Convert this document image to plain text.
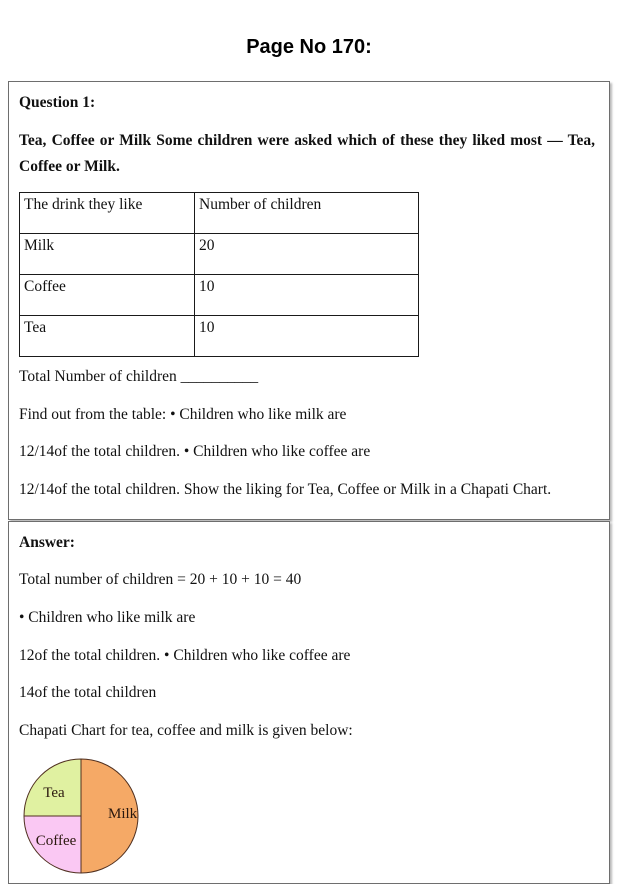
Page No 170:

Question 1:

Tea, Coffee or Milk Some children were asked which of these they liked most — Tea, Coffee or Milk.

The drink they like	Number of children
Milk	20
Coffee	10
Tea	10

Total Number of children __________

Find out from the table: • Children who like milk are

12/14of the total children. • Children who like coffee are

12/14of the total children. Show the liking for Tea, Coffee or Milk in a Chapati Chart.

Answer:

Total number of children = 20 + 10 + 10 = 40

• Children who like milk are

12of the total children. • Children who like coffee are

14of the total children

Chapati Chart for tea, coffee and milk is given below:

Tea
Milk
Coffee
